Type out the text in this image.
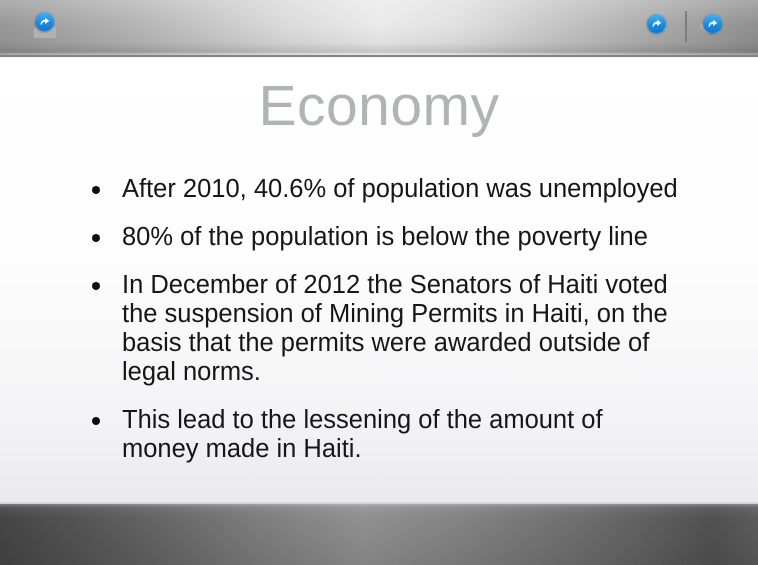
Economy
After 2010, 40.6% of population was unemployed
80% of the population is below the poverty line
In December of 2012 the Senators of Haiti voted the suspension of Mining Permits in Haiti, on the basis that the permits were awarded outside of legal norms.
This lead to the lessening of the amount of money made in Haiti.
